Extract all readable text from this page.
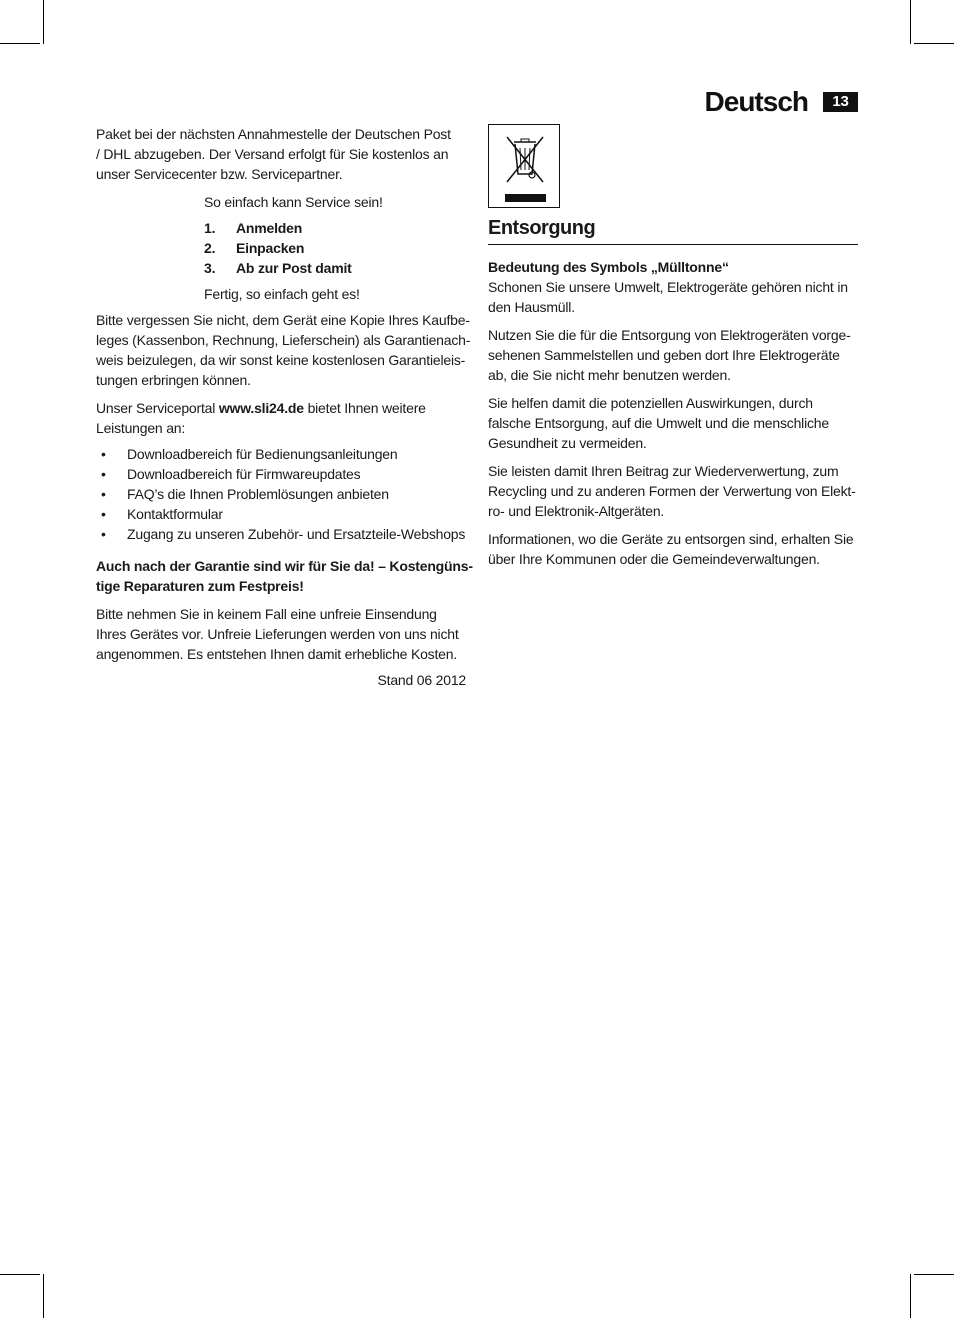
Deutsch	13

Paket bei der nächsten Annahmestelle der Deutschen Post
/ DHL abzugeben. Der Versand erfolgt für Sie kostenlos an
unser Servicecenter bzw. Servicepartner.

So einfach kann Service sein!

1.	Anmelden
2.	Einpacken
3.	Ab zur Post damit

Fertig, so einfach geht es!

Bitte vergessen Sie nicht, dem Gerät eine Kopie Ihres Kaufbe-
leges (Kassenbon, Rechnung, Lieferschein) als Garantienach-
weis beizulegen, da wir sonst keine kostenlosen Garantieleis-
tungen erbringen können.

Unser Serviceportal www.sli24.de bietet Ihnen weitere
Leistungen an:

• Downloadbereich für Bedienungsanleitungen
• Downloadbereich für Firmwareupdates
• FAQ’s die Ihnen Problemlösungen anbieten
• Kontaktformular
• Zugang zu unseren Zubehör- und Ersatzteile-Webshops

Auch nach der Garantie sind wir für Sie da! – Kostengüns-
tige Reparaturen zum Festpreis!

Bitte nehmen Sie in keinem Fall eine unfreie Einsendung
Ihres Gerätes vor. Unfreie Lieferungen werden von uns nicht
angenommen. Es entstehen Ihnen damit erhebliche Kosten.

Stand 06 2012

Entsorgung

Bedeutung des Symbols „Mülltonne“

Schonen Sie unsere Umwelt, Elektrogeräte gehören nicht in
den Hausmüll.

Nutzen Sie die für die Entsorgung von Elektrogeräten vorge-
sehenen Sammelstellen und geben dort Ihre Elektrogeräte
ab, die Sie nicht mehr benutzen werden.

Sie helfen damit die potenziellen Auswirkungen, durch
falsche Entsorgung, auf die Umwelt und die menschliche
Gesundheit zu vermeiden.

Sie leisten damit Ihren Beitrag zur Wiederverwertung, zum
Recycling und zu anderen Formen der Verwertung von Elekt-
ro- und Elektronik-Altgeräten.

Informationen, wo die Geräte zu entsorgen sind, erhalten Sie
über Ihre Kommunen oder die Gemeindeverwaltungen.
